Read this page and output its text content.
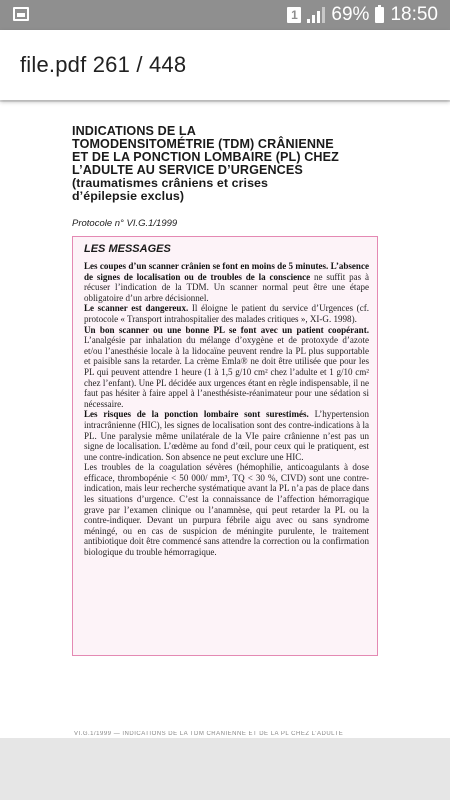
1 69% 18:50
file.pdf 261 / 448
INDICATIONS DE LA
TOMODENSITOMÉTRIE (TDM) CRÂNIENNE
ET DE LA PONCTION LOMBAIRE (PL) CHEZ
L’ADULTE AU SERVICE D’URGENCES
(traumatismes crâniens et crises
d’épilepsie exclus)
Protocole n° VI.G.1/1999
LES MESSAGES

Les coupes d’un scanner crânien se font en moins de 5 minutes. L’absence de signes de localisation ou de troubles de la conscience ne suffit pas à récuser l’indication de la TDM. Un scanner normal peut être une étape obligatoire d’un arbre décisionnel.

Le scanner est dangereux. Il éloigne le patient du service d’Urgences (cf. protocole « Transport intrahospitalier des malades critiques », XI-G. 1998).

Un bon scanner ou une bonne PL se font avec un patient coopérant. L’analgésie par inhalation du mélange d’oxygène et de protoxyde d’azote et/ou l’anesthésie locale à la lidocaïne peuvent rendre la PL plus supportable et paisible sans la retarder. La crème Emla® ne doit être utilisée que pour les PL qui peuvent attendre 1 heure (1 à 1,5 g/10 cm² chez l’adulte et 1 g/10 cm² chez l’enfant). Une PL décidée aux urgences étant en règle indispensable, il ne faut pas hésiter à faire appel à l’anesthésiste-réanimateur pour une sédation si nécessaire.

Les risques de la ponction lombaire sont surestimés. L’hypertension intracrânienne (HIC), les signes de localisation sont des contre-indications à la PL. Une paralysie même unilatérale de la VIe paire crânienne n’est pas un signe de localisation. L’œdème au fond d’œil, pour ceux qui le pratiquent, est une contre-indication. Son absence ne peut exclure une HIC.

Les troubles de la coagulation sévères (hémophilie, anticoagulants à dose efficace, thrombopénie < 50 000/ mm³, TQ < 30 %, CIVD) sont une contre-indication, mais leur recherche systématique avant la PL n’a pas de place dans les situations d’urgence. C’est la connaissance de l’affection hémorragique grave par l’examen clinique ou l’anamnèse, qui peut retarder la PL ou la contre-indiquer. Devant un purpura fébrile aigu avec ou sans syndrome méningé, ou en cas de suspicion de méningite purulente, le traitement antibiotique doit être commencé sans attendre la correction ou la confirmation biologique du trouble hémorragique.

VI.G.1/1999 — INDICATIONS DE LA TDM CRÂNIENNE ET DE LA PL CHEZ L’ADULTE
